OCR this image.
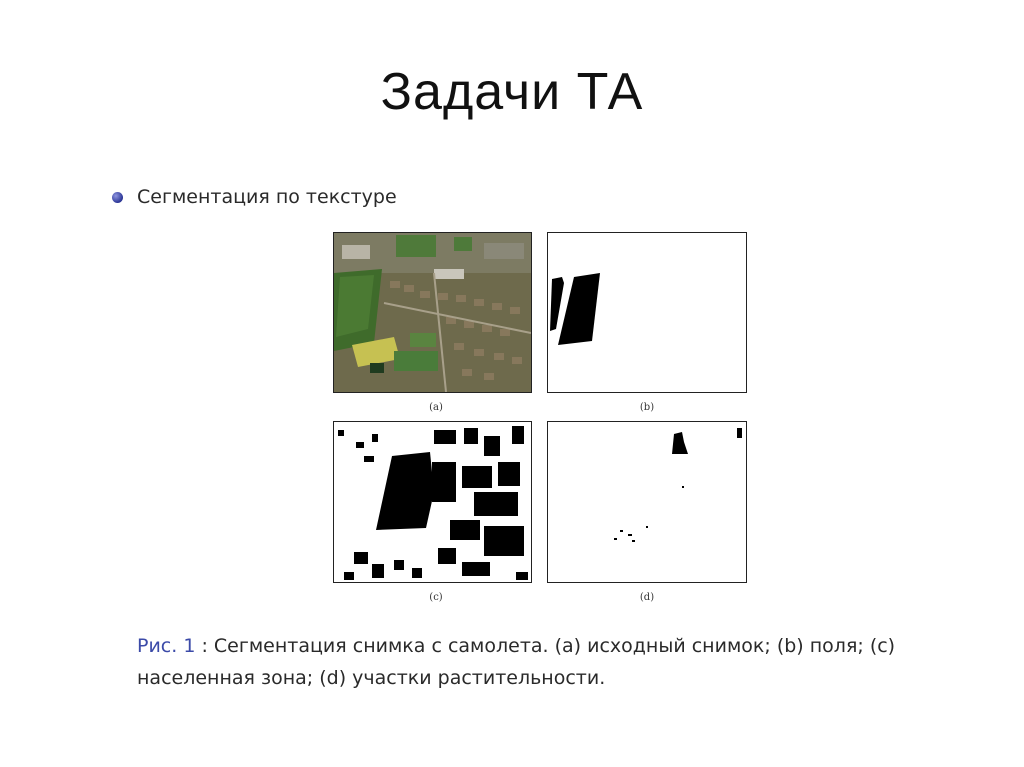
Задачи ТА
Сегментация по текстуре
(a)	(b)
(c)	(d)
Рис. 1 : Сегментация снимка с самолета. (a) исходный снимок; (b) поля; (c) населенная зона; (d) участки растительности.
